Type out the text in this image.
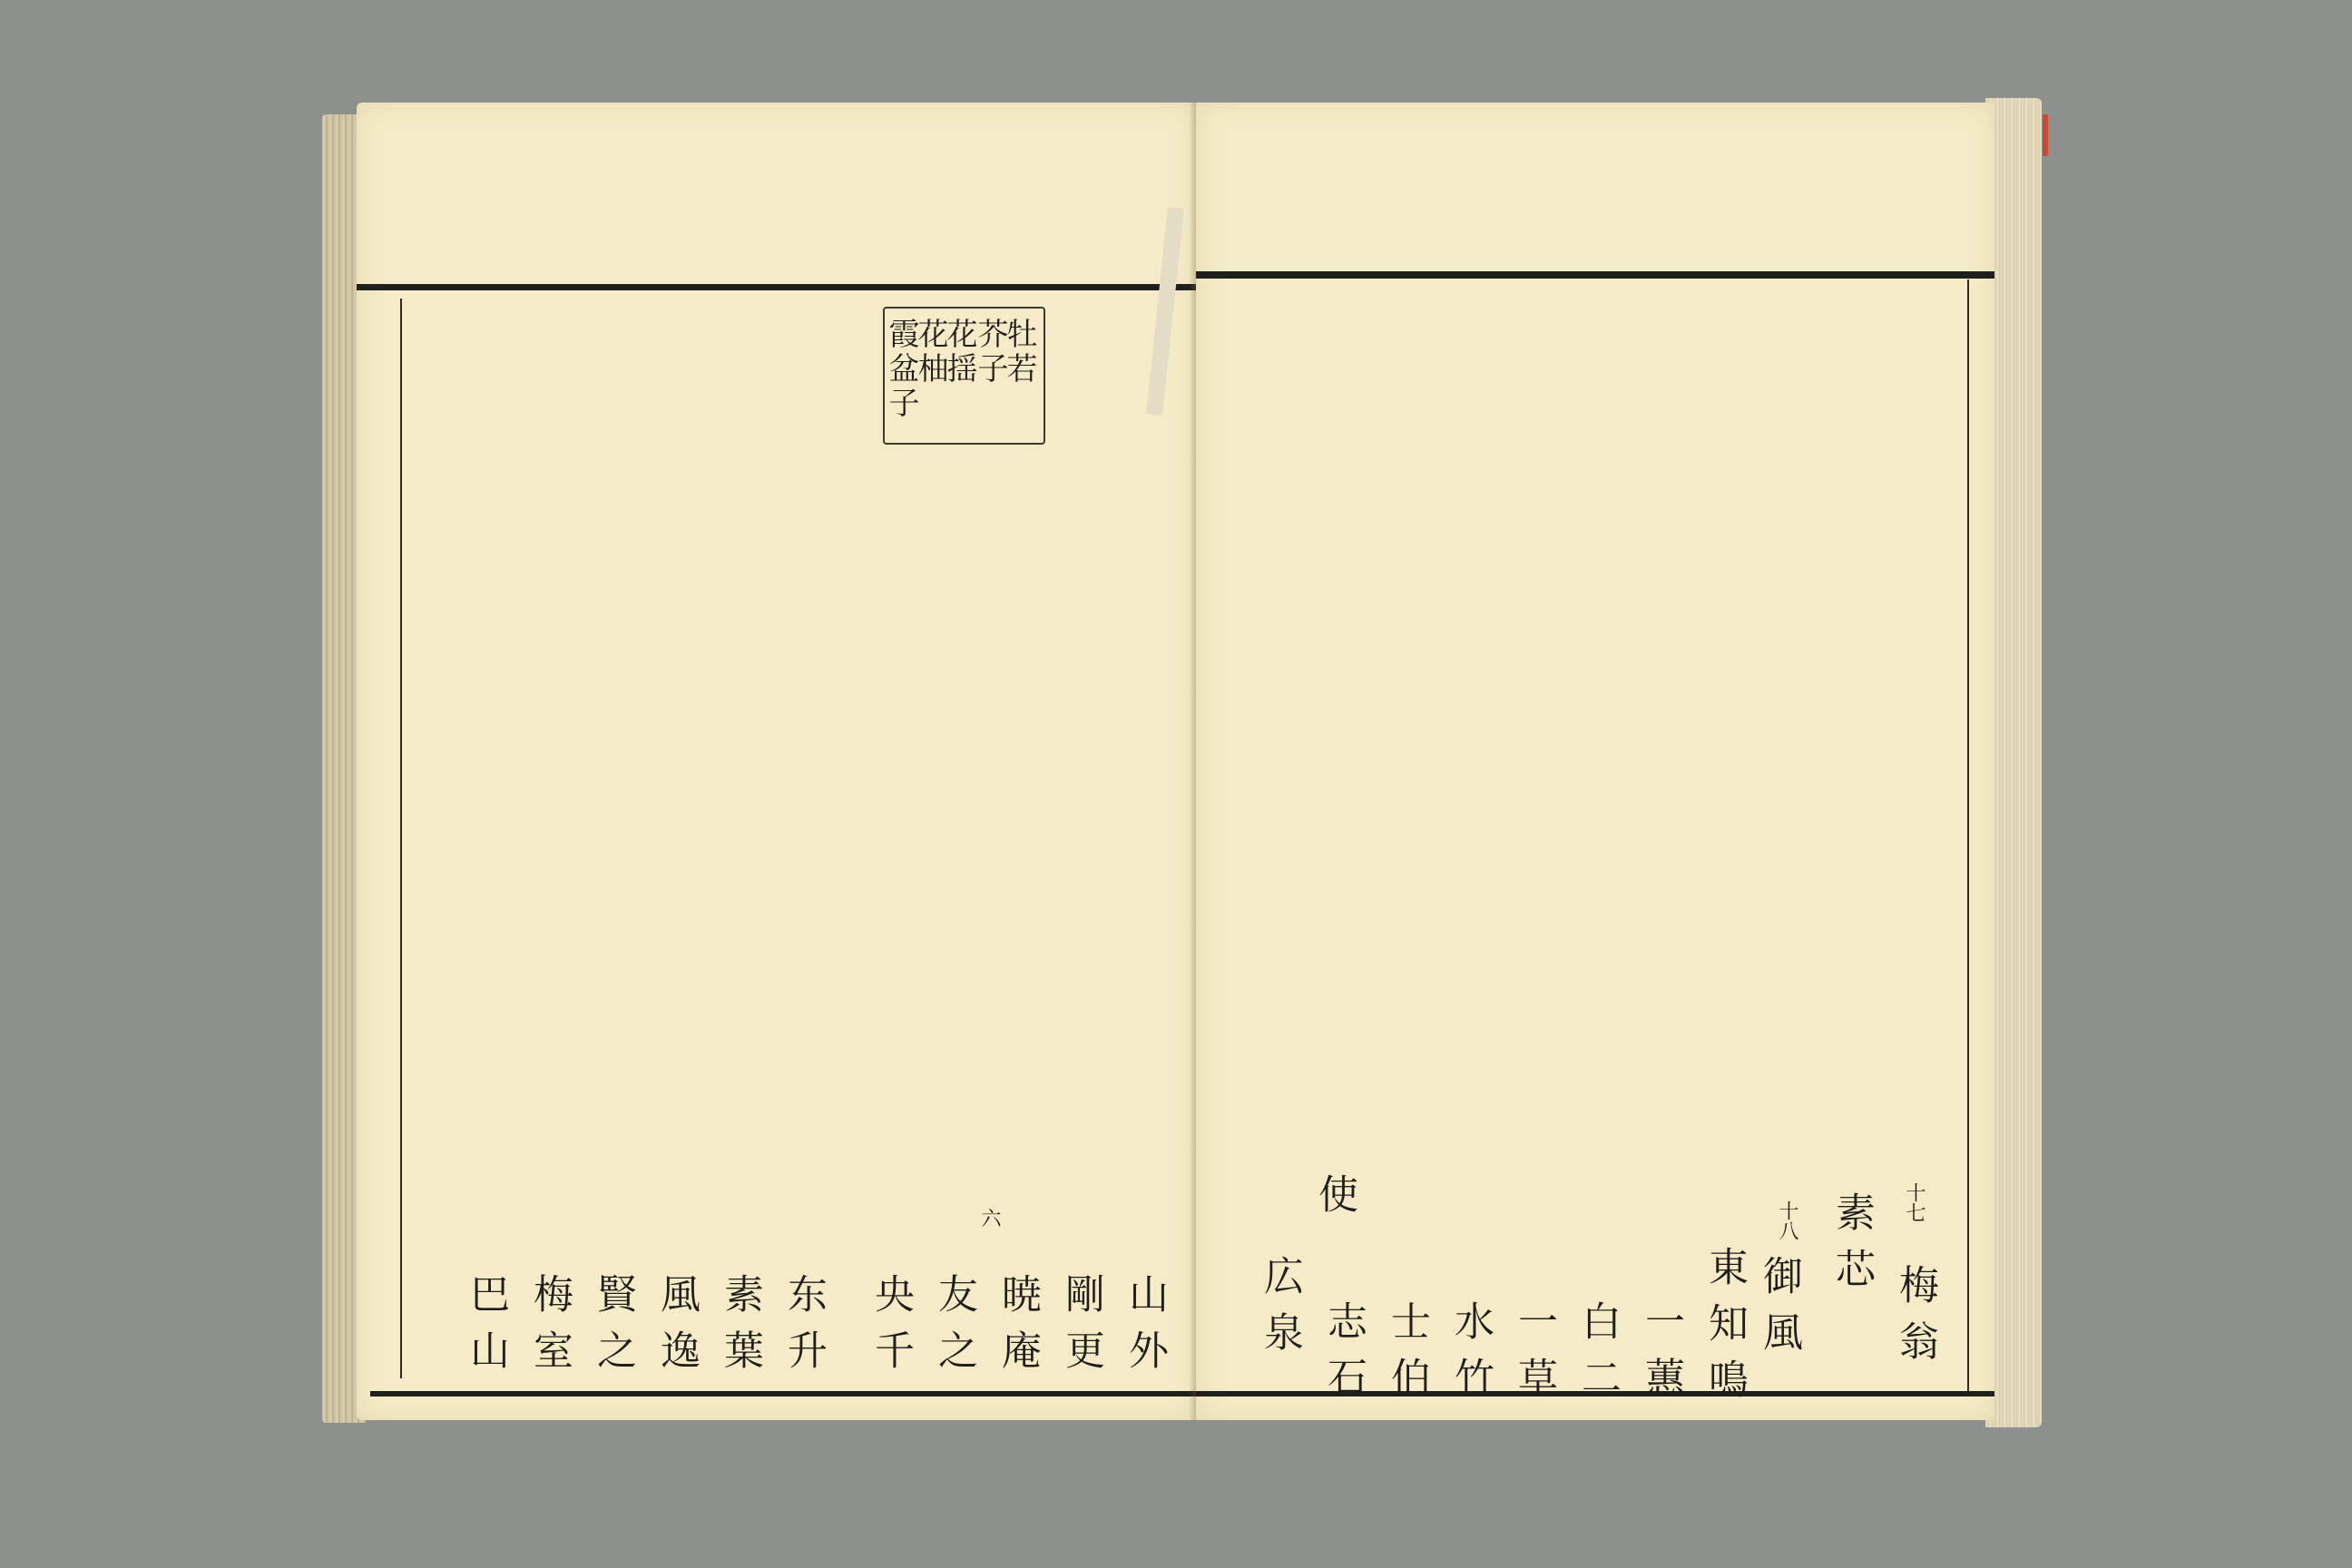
牡若
芥子
花揺
花柚
霞盆子
山外
剛更
暁庵
六
友之
央千
东升
素葉
風逸
賢之
梅室
巴山
十七
梅翁
素芯
十八
御風
東知鳴
一蕙
白二
一草
水竹
士伯
志石
使
広泉
